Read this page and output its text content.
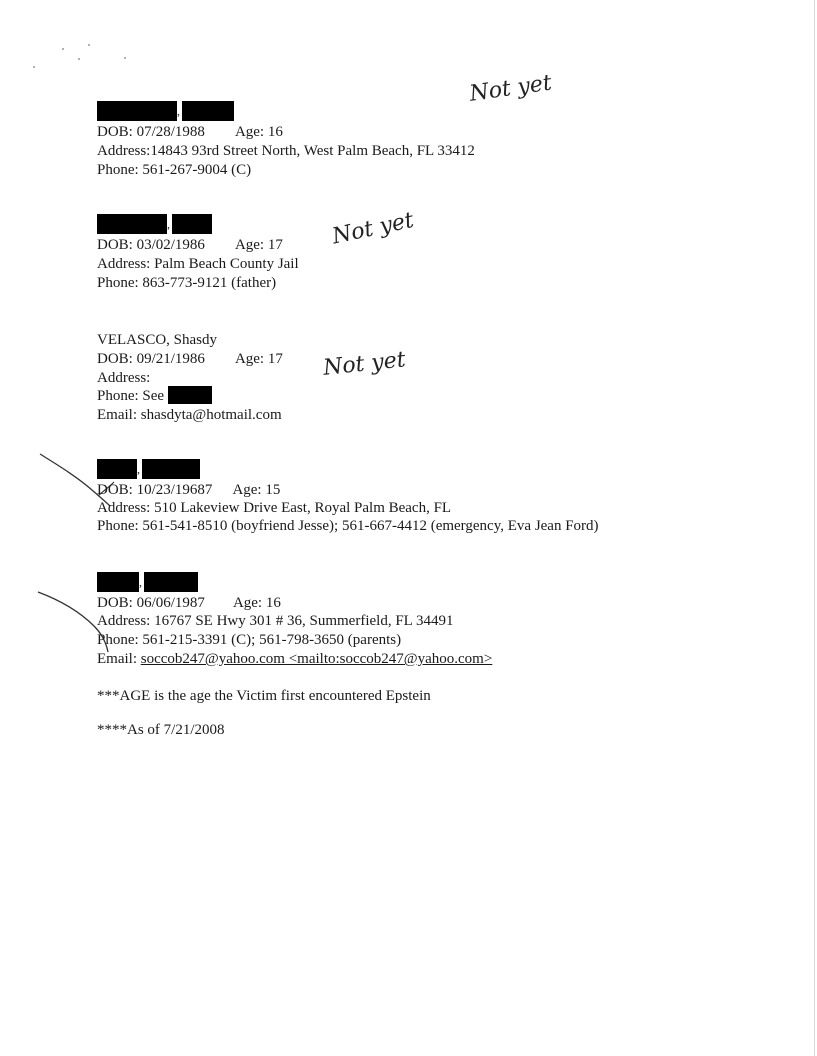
,
DOB: 07/28/1988 Age: 16
Address:14843 93rd Street North, West Palm Beach, FL 33412
Phone: 561-267-9004 (C)
Not yet
,
DOB: 03/02/1986 Age: 17
Address: Palm Beach County Jail
Phone: 863-773-9121 (father)
Not yet
VELASCO, Shasdy
DOB: 09/21/1986 Age: 17
Address:
Phone: See
Email: shasdyta@hotmail.com
Not yet
,
DOB: 10/23/19687 Age: 15
Address: 510 Lakeview Drive East, Royal Palm Beach, FL
Phone: 561-541-8510 (boyfriend Jesse); 561-667-4412 (emergency, Eva Jean Ford)
,
DOB: 06/06/1987 Age: 16
Address: 16767 SE Hwy 301 # 36, Summerfield, FL 34491
Phone: 561-215-3391 (C); 561-798-3650 (parents)
Email: soccob247@yahoo.com <mailto:soccob247@yahoo.com>
***AGE is the age the Victim first encountered Epstein
****As of 7/21/2008
